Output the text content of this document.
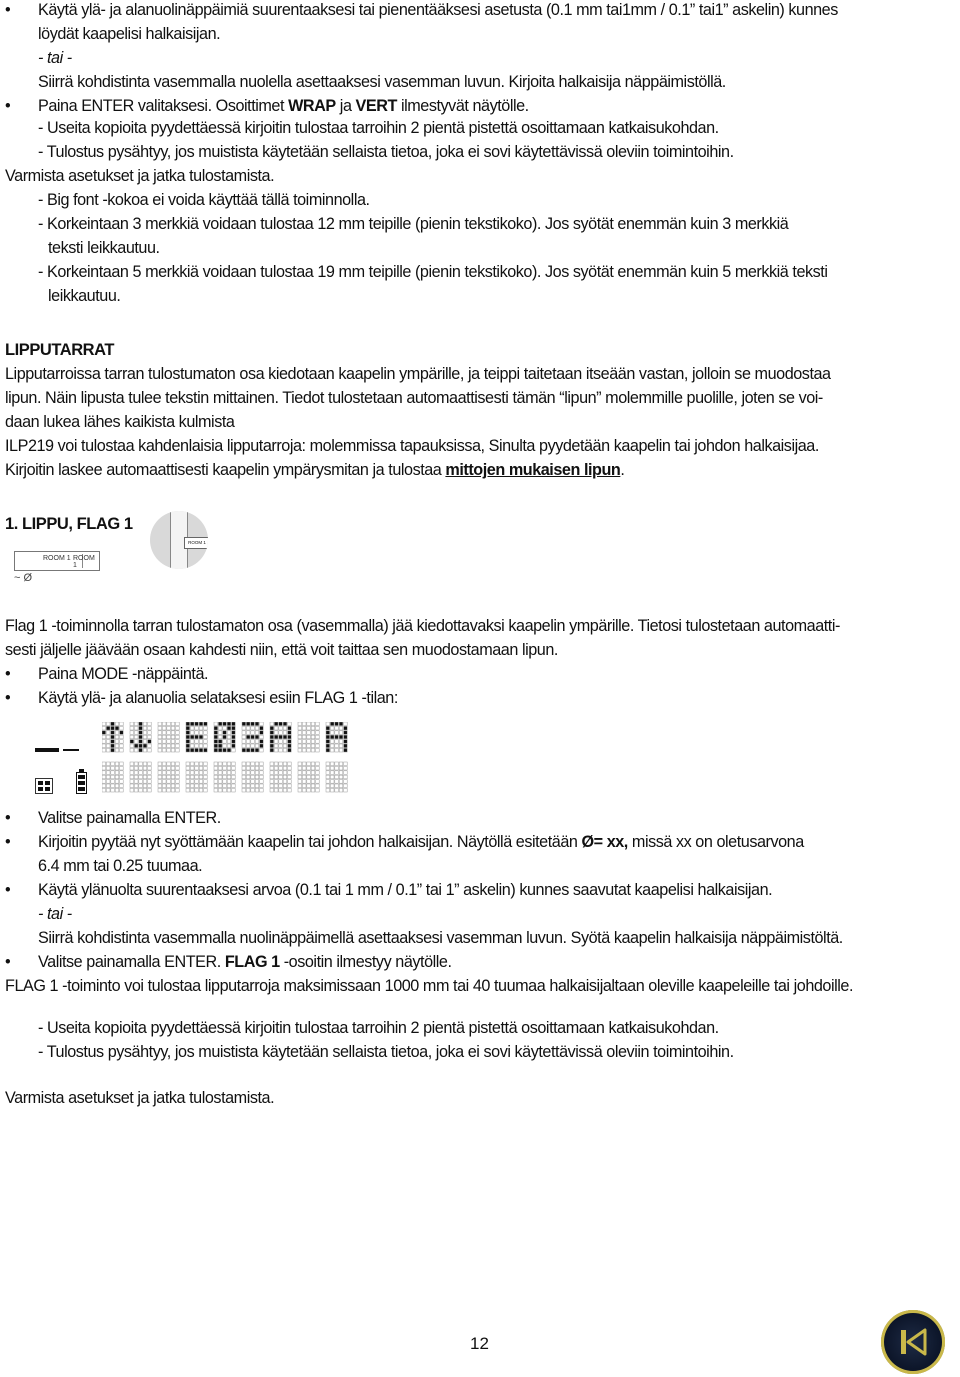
• Käytä ylä- ja alanuolinäppäimiä suurentaaksesi tai pienentääksesi asetusta (0.1 mm tai1mm / 0.1” tai1” askelin) kunnes
löydät kaapelisi halkaisijan.
- tai -
Siirrä kohdistinta vasemmalla nuolella asettaaksesi vasemman luvun. Kirjoita halkaisija näppäimistöllä.
• Paina ENTER valitaksesi. Osoittimet WRAP ja VERT ilmestyvät näytölle.
- Useita kopioita pyydettäessä kirjoitin tulostaa tarroihin 2 pientä pistettä osoittamaan katkaisukohdan.
- Tulostus pysähtyy, jos muistista käytetään sellaista tietoa, joka ei sovi käytettävissä oleviin toimintoihin.
Varmista asetukset ja jatka tulostamista.
- Big font -kokoa ei voida käyttää tällä toiminnolla.
- Korkeintaan 3 merkkiä voidaan tulostaa 12 mm teipille (pienin tekstikoko). Jos syötät enemmän kuin 3 merkkiä
teksti leikkautuu.
- Korkeintaan 5 merkkiä voidaan tulostaa 19 mm teipille (pienin tekstikoko). Jos syötät enemmän kuin 5 merkkiä teksti
leikkautuu.
LIPPUTARRAT
Lipputarroissa tarran tulostumaton osa kiedotaan kaapelin ympärille, ja teippi taitetaan itseään vastan, jolloin se muodostaa
lipun. Näin lipusta tulee tekstin mittainen. Tiedot tulostetaan automaattisesti tämän “lipun” molemmille puolille, joten se voi-
daan lukea lähes kaikista kulmista
ILP219 voi tulostaa kahdenlaisia lipputarroja: molemmissa tapauksissa, Sinulta pyydetään kaapelin tai johdon halkaisijaa.
Kirjoitin laskee automaattisesti kaapelin ympärysmitan ja tulostaa mittojen mukaisen lipun.
1. LIPPU, FLAG 1
Flag 1 -toiminnolla tarran tulostamaton osa (vasemmalla) jää kiedottavaksi kaapelin ympärille. Tietosi tulostetaan automaatti-
sesti jäljelle jäävään osaan kahdesti niin, että voit taittaa sen muodostamaan lipun.
• Paina MODE -näppäintä.
• Käytä ylä- ja alanuolia selataksesi esiin FLAG 1 -tilan:
• Valitse painamalla ENTER.
• Kirjoitin pyytää nyt syöttämään kaapelin tai johdon halkaisijan. Näytöllä esitetään Ø= xx, missä xx on oletusarvona
6.4 mm tai 0.25 tuumaa.
• Käytä ylänuolta suurentaaksesi arvoa (0.1 tai 1 mm / 0.1” tai 1” askelin) kunnes saavutat kaapelisi halkaisijan.
- tai -
Siirrä kohdistinta vasemmalla nuolinäppäimellä asettaaksesi vasemman luvun. Syötä kaapelin halkaisija näppäimistöltä.
• Valitse painamalla ENTER. FLAG 1 -osoitin ilmestyy näytölle.
FLAG 1 -toiminto voi tulostaa lipputarroja maksimissaan 1000 mm tai 40 tuumaa halkaisijaltaan oleville kaapeleille tai johdoille.
- Useita kopioita pyydettäessä kirjoitin tulostaa tarroihin 2 pientä pistettä osoittamaan katkaisukohdan.
- Tulostus pysähtyy, jos muistista käytetään sellaista tietoa, joka ei sovi käytettävissä oleviin toimintoihin.
Varmista asetukset ja jatka tulostamista.
ROOM 1 ROOM 1
~ Ø
ROOM 1
12
